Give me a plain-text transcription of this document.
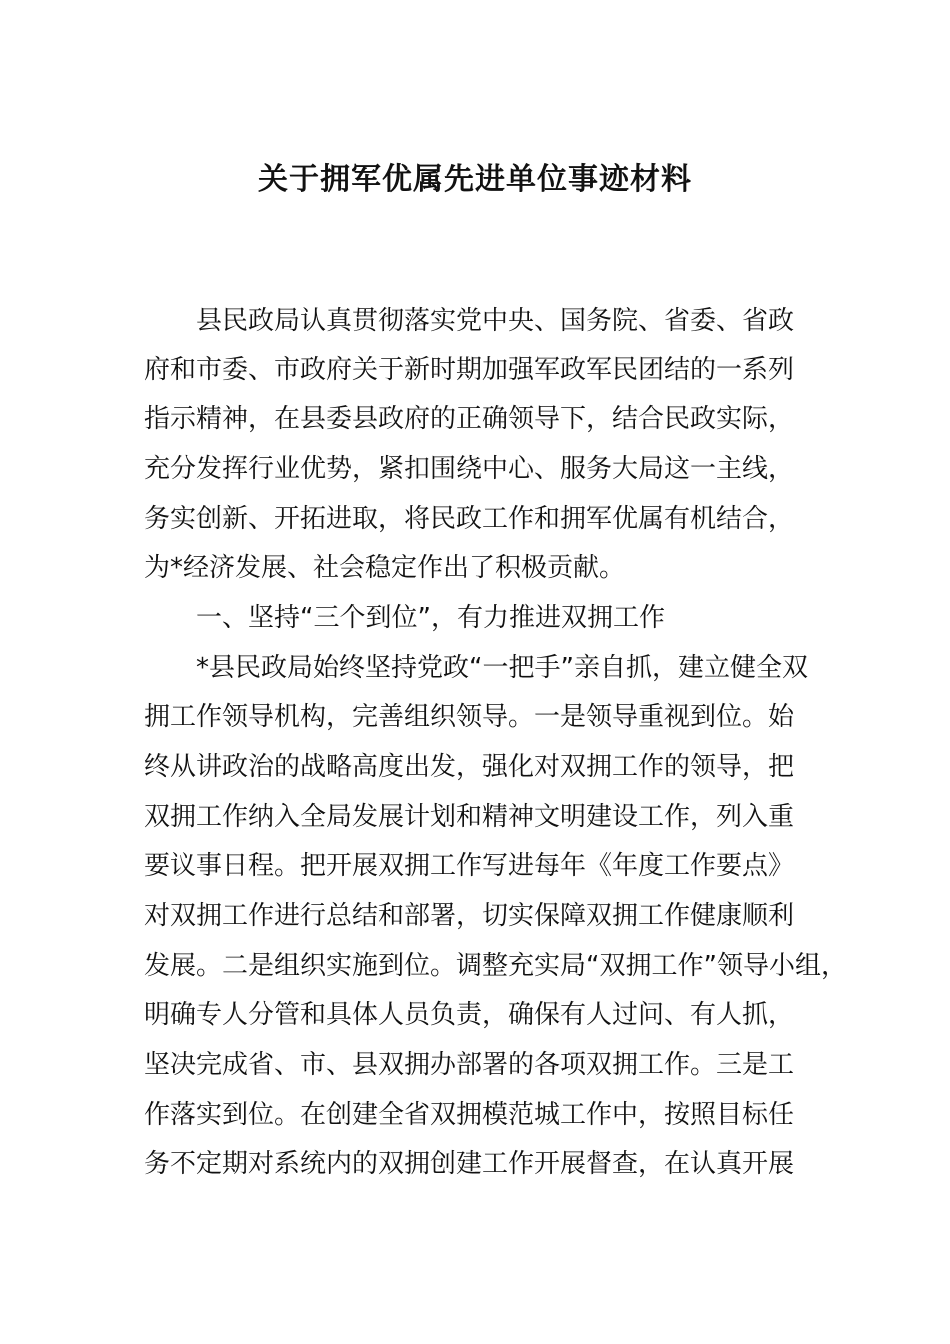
关于拥军优属先进单位事迹材料

县民政局认真贯彻落实党中央、国务院、省委、省政

府和市委、市政府关于新时期加强军政军民团结的一系列

指示精神，在县委县政府的正确领导下，结合民政实际，

充分发挥行业优势，紧扣围绕中心、服务大局这一主线，

务实创新、开拓进取，将民政工作和拥军优属有机结合，

为*经济发展、社会稳定作出了积极贡献。

一、坚持“三个到位”，有力推进双拥工作

*县民政局始终坚持党政“一把手”亲自抓，建立健全双

拥工作领导机构，完善组织领导。一是领导重视到位。始

终从讲政治的战略高度出发，强化对双拥工作的领导，把

双拥工作纳入全局发展计划和精神文明建设工作，列入重

要议事日程。把开展双拥工作写进每年《年度工作要点》

对双拥工作进行总结和部署，切实保障双拥工作健康顺利

发展。二是组织实施到位。调整充实局“双拥工作”领导小组，

明确专人分管和具体人员负责，确保有人过问、有人抓，

坚决完成省、市、县双拥办部署的各项双拥工作。三是工

作落实到位。在创建全省双拥模范城工作中，按照目标任

务不定期对系统内的双拥创建工作开展督查，在认真开展
